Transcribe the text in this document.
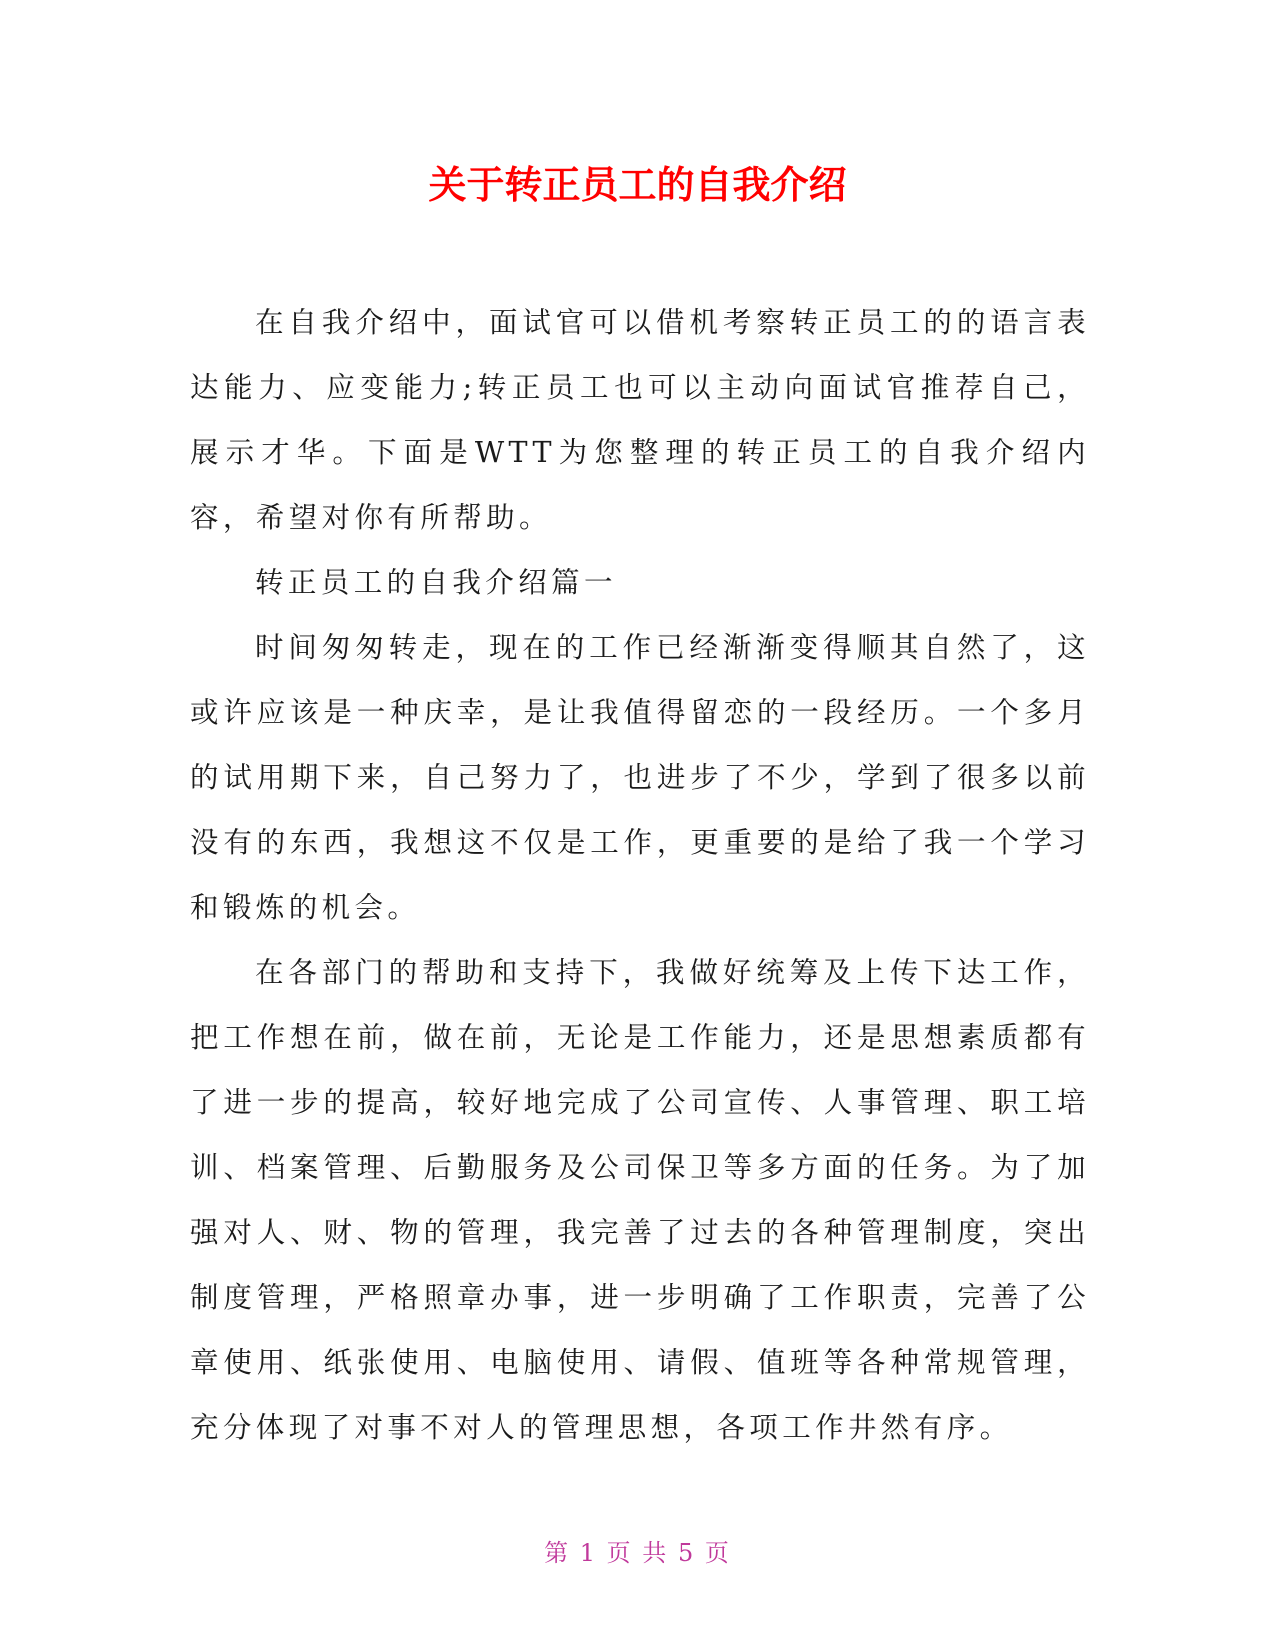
关于转正员工的自我介绍

在自我介绍中，面试官可以借机考察转正员工的的语言表达能力、应变能力;转正员工也可以主动向面试官推荐自己，展示才华。下面是WTT为您整理的转正员工的自我介绍内容，希望对你有所帮助。

转正员工的自我介绍篇一

时间匆匆转走，现在的工作已经渐渐变得顺其自然了，这或许应该是一种庆幸，是让我值得留恋的一段经历。一个多月的试用期下来，自己努力了，也进步了不少，学到了很多以前没有的东西，我想这不仅是工作，更重要的是给了我一个学习和锻炼的机会。

在各部门的帮助和支持下，我做好统筹及上传下达工作，把工作想在前，做在前，无论是工作能力，还是思想素质都有了进一步的提高，较好地完成了公司宣传、人事管理、职工培训、档案管理、后勤服务及公司保卫等多方面的任务。为了加强对人、财、物的管理，我完善了过去的各种管理制度，突出制度管理，严格照章办事，进一步明确了工作职责，完善了公章使用、纸张使用、电脑使用、请假、值班等各种常规管理，充分体现了对事不对人的管理思想，各项工作井然有序。

第 1 页 共 5 页
